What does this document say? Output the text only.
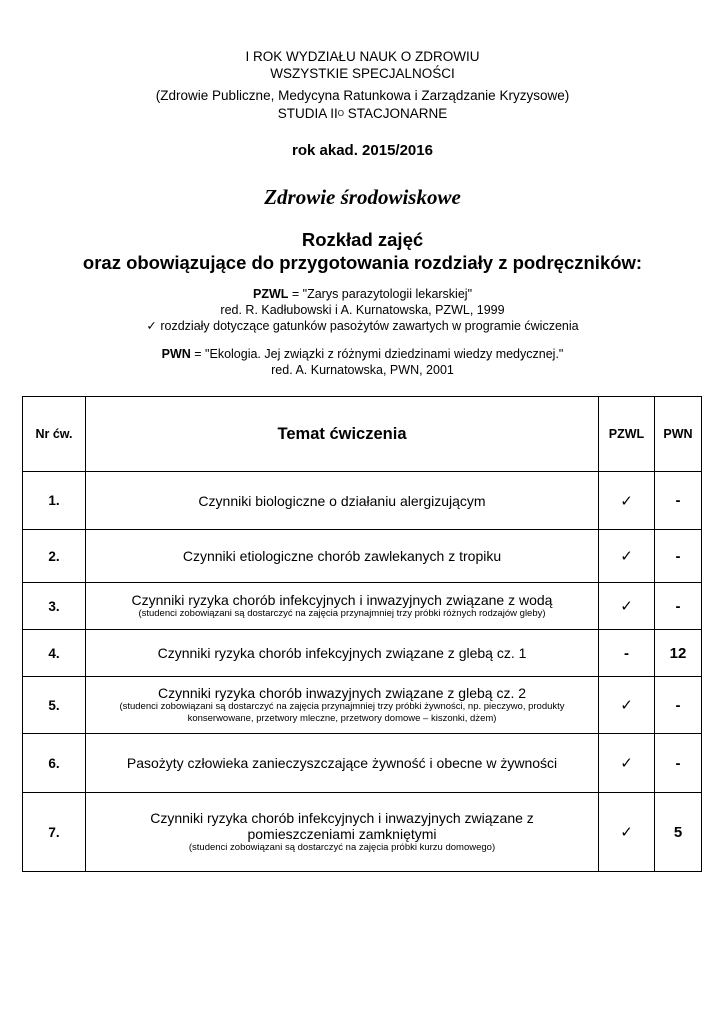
I ROK WYDZIAŁU NAUK O ZDROWIU
WSZYSTKIE SPECJALNOŚCI
(Zdrowie Publiczne, Medycyna Ratunkowa i Zarządzanie Kryzysowe)
STUDIA $II^O$ STACJONARNE
rok akad. 2015/2016
Zdrowie środowiskowe
Rozkład zajęć
oraz obowiązujące do przygotowania rozdziały z podręczników:
PZWL = "Zarys parazytologii lekarskiej"
red. R. Kadłubowski i A. Kurnatowska, PZWL, 1999
✓ rozdziały dotyczące gatunków pasożytów zawartych w programie ćwiczenia
PWN = "Ekologia. Jej związki z różnymi dziedzinami wiedzy medycznej."
red. A. Kurnatowska, PWN, 2001
Nr ćw.	Temat ćwiczenia	PZWL	PWN
1.	Czynniki biologiczne o działaniu alergizującym	✓	-
2.	Czynniki etiologiczne chorób zawlekanych z tropiku	✓	-
3.	Czynniki ryzyka chorób infekcyjnych i inwazyjnych związane z wodą
(studenci zobowiązani są dostarczyć na zajęcia przynajmniej trzy próbki różnych rodzajów gleby)	✓	-
4.	Czynniki ryzyka chorób infekcyjnych związane z glebą cz. 1	-	12
5.	Czynniki ryzyka chorób inwazyjnych związane z glebą cz. 2
(studenci zobowiązani są dostarczyć na zajęcia przynajmniej trzy próbki żywności, np. pieczywo, produkty konserwowane, przetwory mleczne, przetwory domowe – kiszonki, dżem)	✓	-
6.	Pasożyty człowieka zanieczyszczające żywność i obecne w żywności	✓	-
7.	Czynniki ryzyka chorób infekcyjnych i inwazyjnych związane z pomieszczeniami zamkniętymi
(studenci zobowiązani są dostarczyć na zajęcia próbki kurzu domowego)	✓	5
